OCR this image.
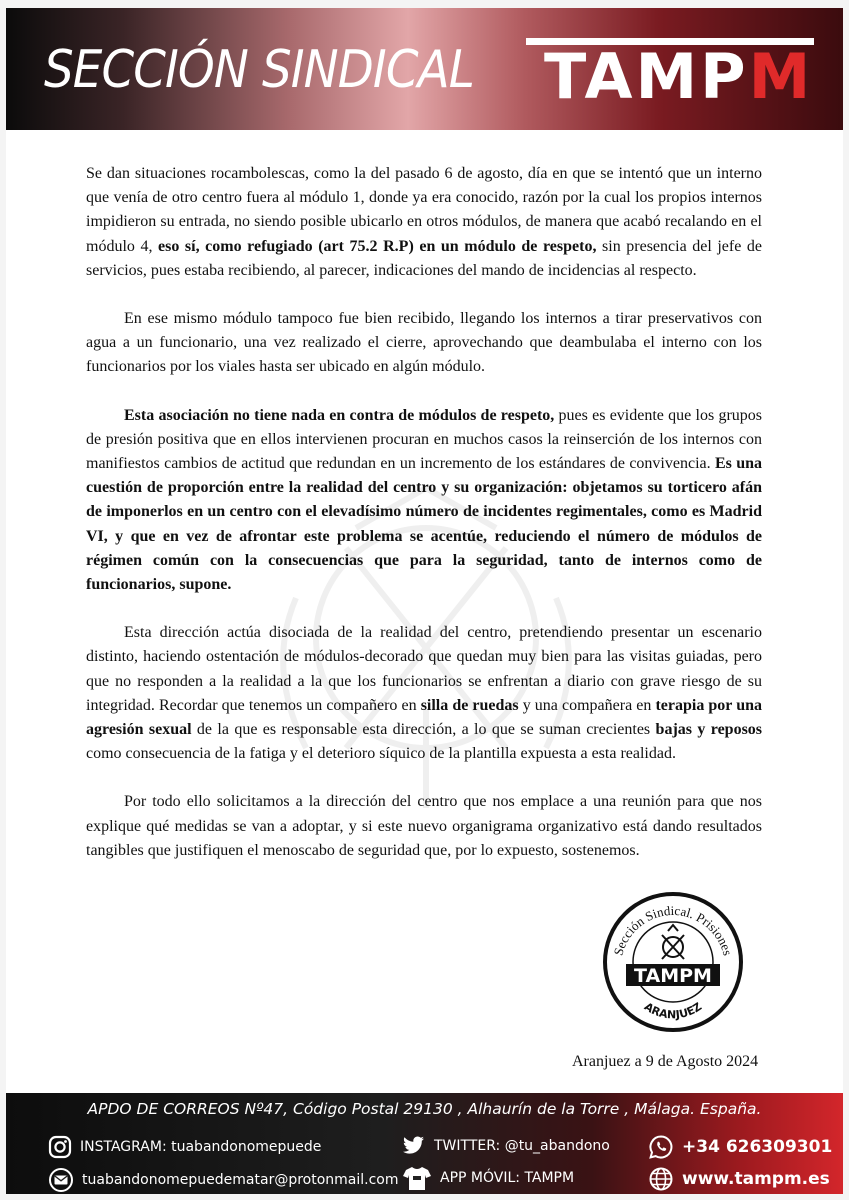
SECCIÓN SINDICAL TAMPM

Se dan situaciones rocambolescas, como la del pasado 6 de agosto, día en que se intentó que un interno que venía de otro centro fuera al módulo 1, donde ya era conocido, razón por la cual los propios internos impidieron su entrada, no siendo posible ubicarlo en otros módulos, de manera que acabó recalando en el módulo 4, eso sí, como refugiado (art 75.2 R.P) en un módulo de respeto, sin presencia del jefe de servicios, pues estaba recibiendo, al parecer, indicaciones del mando de incidencias al respecto.

En ese mismo módulo tampoco fue bien recibido, llegando los internos a tirar preservativos con agua a un funcionario, una vez realizado el cierre, aprovechando que deambulaba el interno con los funcionarios por los viales hasta ser ubicado en algún módulo.

Esta asociación no tiene nada en contra de módulos de respeto, pues es evidente que los grupos de presión positiva que en ellos intervienen procuran en muchos casos la reinserción de los internos con manifiestos cambios de actitud que redundan en un incremento de los estándares de convivencia. Es una cuestión de proporción entre la realidad del centro y su organización: objetamos su torticero afán de imponerlos en un centro con el elevadísimo número de incidentes regimentales, como es Madrid VI, y que en vez de afrontar este problema se acentúe, reduciendo el número de módulos de régimen común con la consecuencias que para la seguridad, tanto de internos como de funcionarios, supone.

Esta dirección actúa disociada de la realidad del centro, pretendiendo presentar un escenario distinto, haciendo ostentación de módulos-decorado que quedan muy bien para las visitas guiadas, pero que no responden a la realidad a la que los funcionarios se enfrentan a diario con grave riesgo de su integridad. Recordar que tenemos un compañero en silla de ruedas y una compañera en terapia por una agresión sexual de la que es responsable esta dirección, a lo que se suman crecientes bajas y reposos como consecuencia de la fatiga y el deterioro síquico de la plantilla expuesta a esta realidad.

Por todo ello solicitamos a la dirección del centro que nos emplace a una reunión para que nos explique qué medidas se van a adoptar, y si este nuevo organigrama organizativo está dando resultados tangibles que justifiquen el menoscabo de seguridad que, por lo expuesto, sostenemos.

Sección Sindical. Prisiones
TAMPM
ARANJUEZ
Aranjuez a 9 de Agosto 2024
APDO DE CORREOS Nº47, Código Postal 29130 , Alhaurín de la Torre , Málaga. España.
INSTAGRAM: tuabandonomepuede	TWITTER: @tu_abandono	+34 626309301
tuabandonomepuedematar@protonmail.com	APP MÓVIL: TAMPM	www.tampm.es
